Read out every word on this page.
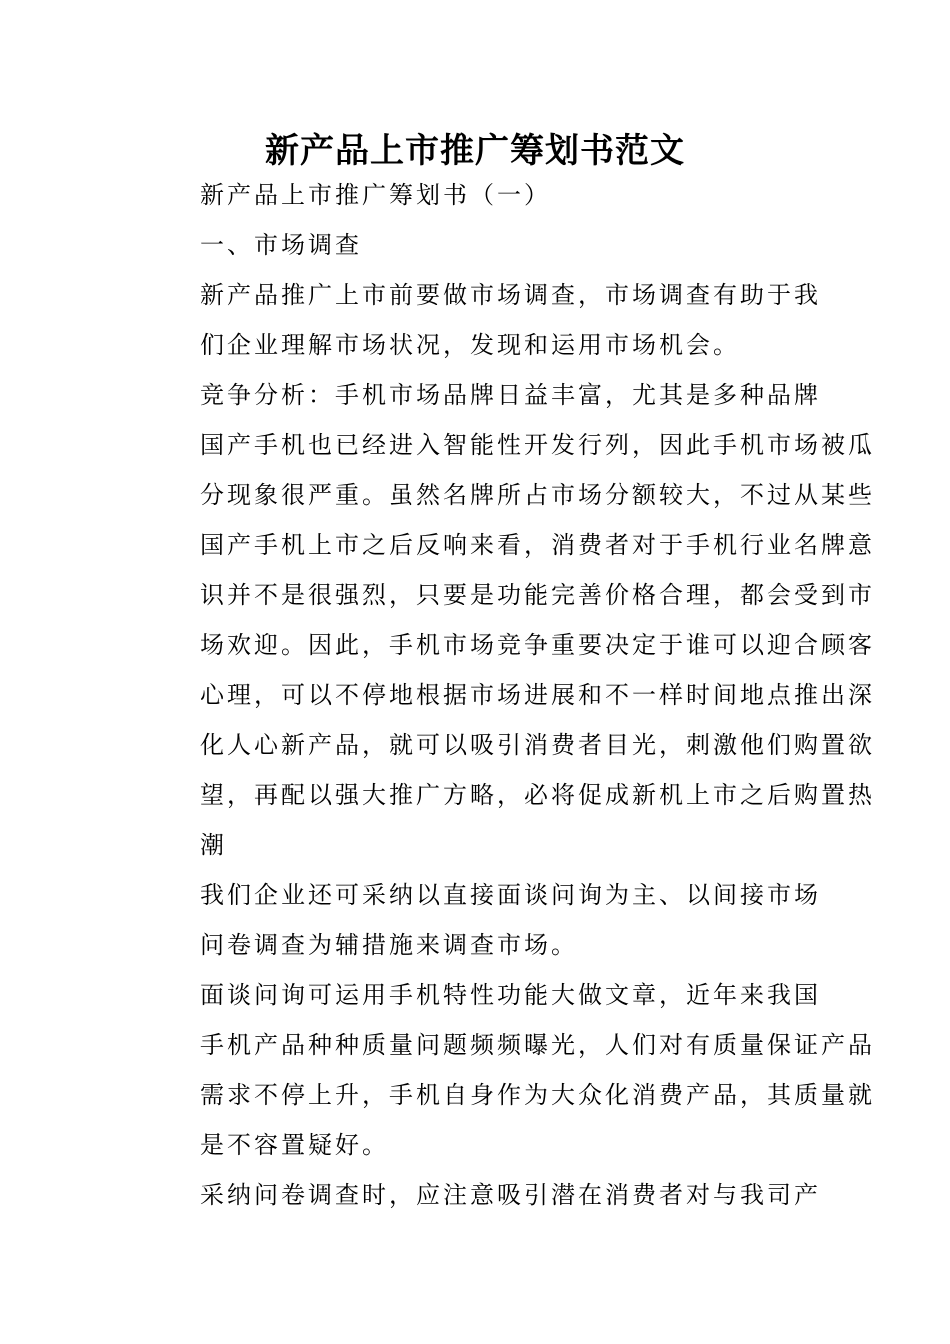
新产品上市推广筹划书范文

新产品上市推广筹划书（一）

一、市场调查

新产品推广上市前要做市场调查，市场调查有助于我
们企业理解市场状况，发现和运用市场机会。

竞争分析：手机市场品牌日益丰富，尤其是多种品牌
国产手机也已经进入智能性开发行列，因此手机市场被瓜
分现象很严重。虽然名牌所占市场分额较大，不过从某些
国产手机上市之后反响来看，消费者对于手机行业名牌意
识并不是很强烈，只要是功能完善价格合理，都会受到市
场欢迎。因此，手机市场竞争重要决定于谁可以迎合顾客
心理，可以不停地根据市场进展和不一样时间地点推出深
化人心新产品，就可以吸引消费者目光，刺激他们购置欲
望，再配以强大推广方略，必将促成新机上市之后购置热
潮

我们企业还可采纳以直接面谈问询为主、以间接市场
问卷调查为辅措施来调查市场。

面谈问询可运用手机特性功能大做文章，近年来我国
手机产品种种质量问题频频曝光，人们对有质量保证产品
需求不停上升，手机自身作为大众化消费产品，其质量就
是不容置疑好。

采纳问卷调查时，应注意吸引潜在消费者对与我司产
